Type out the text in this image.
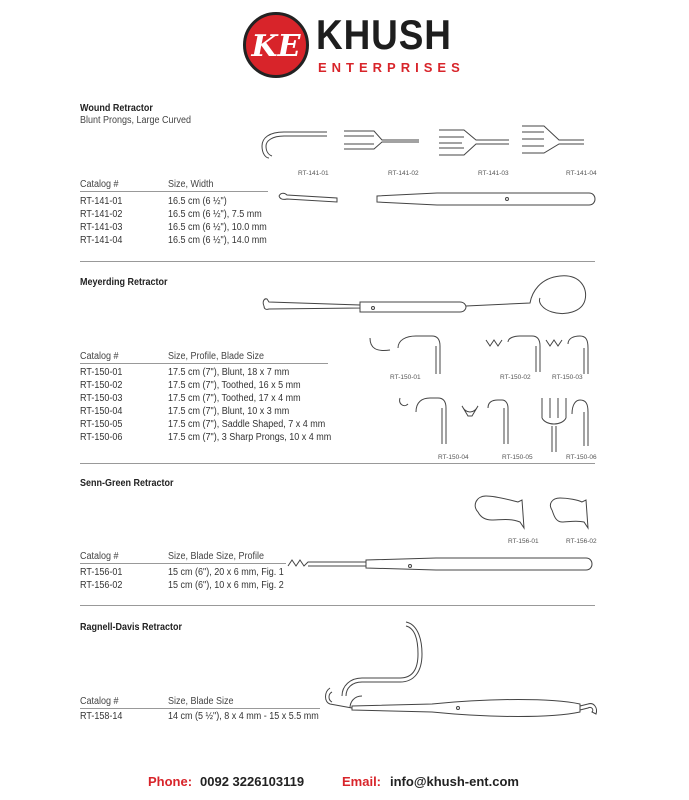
KE KHUSH
ENTERPRISES
Wound Retractor
Blunt Prongs, Large Curved
RT-141-01	RT-141-02	RT-141-03	RT-141-04
Catalog #	Size, Width
RT-141-01	16.5 cm (6 ½")
RT-141-02	16.5 cm (6 ½"), 7.5 mm
RT-141-03	16.5 cm (6 ½"), 10.0 mm
RT-141-04	16.5 cm (6 ½"), 14.0 mm
Meyerding Retractor
RT-150-01	RT-150-02	RT-150-03
RT-150-04	RT-150-05	RT-150-06
Catalog #	Size, Profile, Blade Size
RT-150-01	17.5 cm (7"), Blunt, 18 x 7 mm
RT-150-02	17.5 cm (7"), Toothed, 16 x 5 mm
RT-150-03	17.5 cm (7"), Toothed, 17 x 4 mm
RT-150-04	17.5 cm (7"), Blunt, 10 x 3 mm
RT-150-05	17.5 cm (7"), Saddle Shaped, 7 x 4 mm
RT-150-06	17.5 cm (7"), 3 Sharp Prongs, 10 x 4 mm
Senn-Green Retractor
RT-156-01	RT-156-02
Catalog #	Size, Blade Size, Profile
RT-156-01	15 cm (6"), 20 x 6 mm, Fig. 1
RT-156-02	15 cm (6"), 10 x 6 mm, Fig. 2
Ragnell-Davis Retractor
Catalog #	Size, Blade Size
RT-158-14	14 cm (5 ½"), 8 x 4 mm - 15 x 5.5 mm
Phone: 0092 3226103119	Email: info@khush-ent.com
